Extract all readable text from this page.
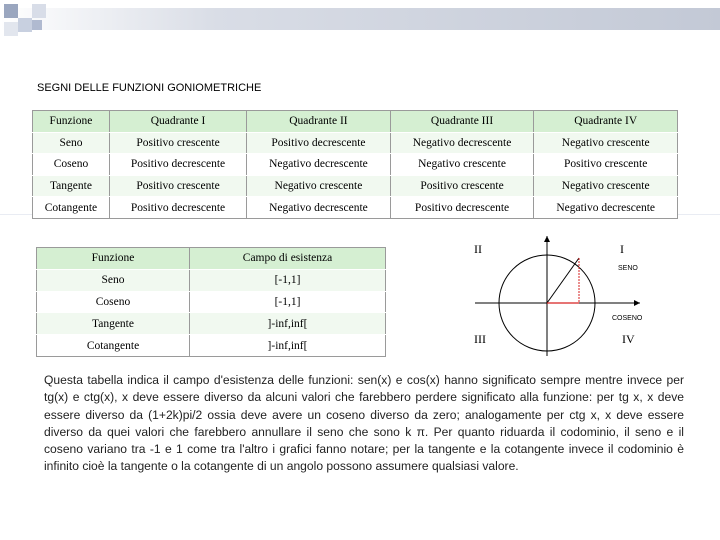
SEGNI DELLE FUNZIONI GONIOMETRICHE
Funzione	Quadrante I	Quadrante II	Quadrante III	Quadrante IV
Seno	Positivo crescente	Positivo decrescente	Negativo decrescente	Negativo crescente
Coseno	Positivo decrescente	Negativo decrescente	Negativo crescente	Positivo crescente
Tangente	Positivo crescente	Negativo crescente	Positivo crescente	Negativo crescente
Cotangente	Positivo decrescente	Negativo decrescente	Positivo decrescente	Negativo decrescente
Funzione	Campo di esistenza
Seno	[-1,1]
Coseno	[-1,1]
Tangente	]-inf,inf[
Cotangente	]-inf,inf[
II	I
III	IV
SENO
COSENO

Questa tabella indica il campo d'esistenza delle funzioni: sen(x) e cos(x) hanno significato sempre mentre invece per tg(x) e ctg(x), x deve essere diverso da alcuni valori che farebbero perdere significato alla funzione: per tg x, x deve essere diverso da (1+2k)pi/2 ossia deve avere un coseno diverso da zero; analogamente per ctg x, x deve essere diverso da quei valori che farebbero annullare il seno che sono k π. Per quanto riduarda il codominio, il seno e il coseno variano tra -1 e 1 come tra l'altro i grafici fanno notare; per la tangente e la cotangente invece il codominio è infinito cioè la tangente o la cotangente di un angolo possono assumere qualsiasi valore.
